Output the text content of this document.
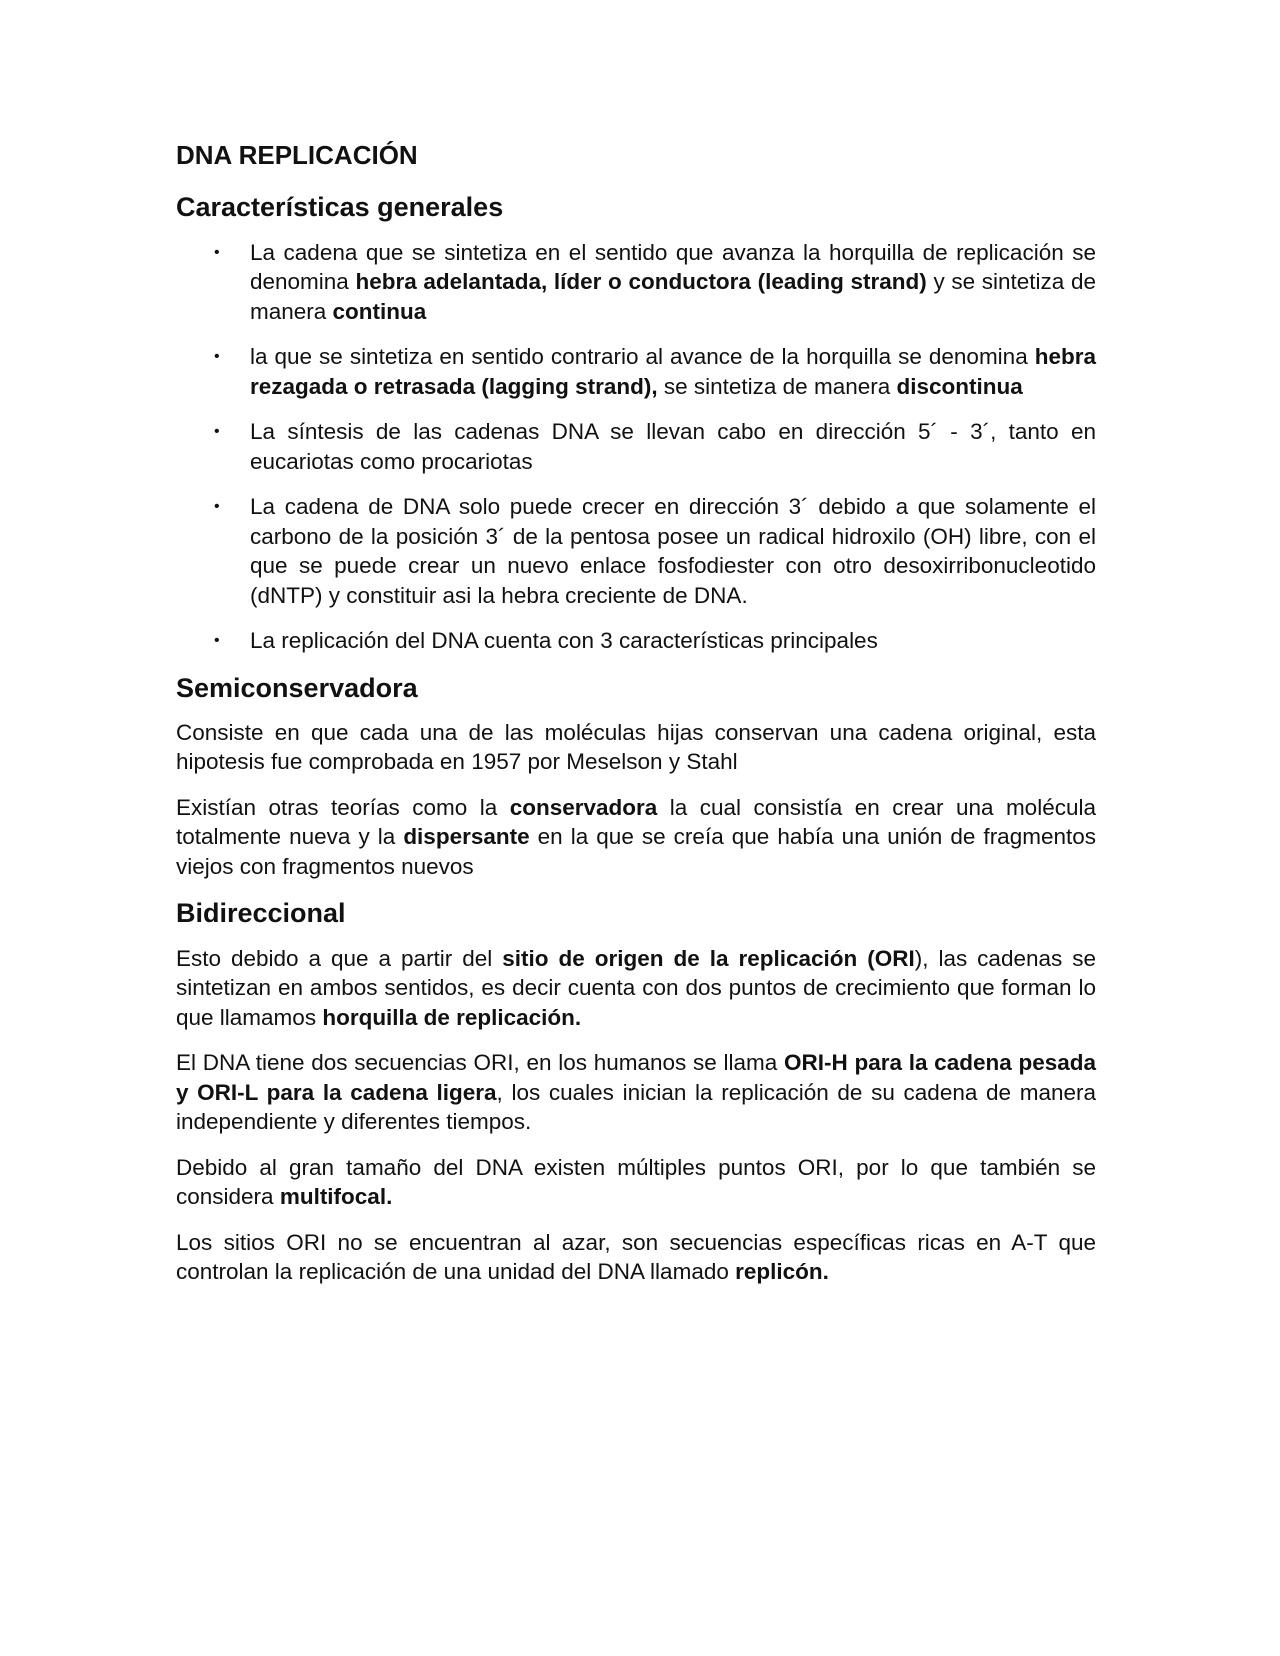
DNA REPLICACIÓN
Características generales
• La cadena que se sintetiza en el sentido que avanza la horquilla de replicación se denomina hebra adelantada, líder o conductora (leading strand) y se sintetiza de manera continua
• la que se sintetiza en sentido contrario al avance de la horquilla se denomina hebra rezagada o retrasada (lagging strand), se sintetiza de manera discontinua
• La síntesis de las cadenas DNA se llevan cabo en dirección 5´ - 3´, tanto en eucariotas como procariotas
• La cadena de DNA solo puede crecer en dirección 3´ debido a que solamente el carbono de la posición 3´ de la pentosa posee un radical hidroxilo (OH) libre, con el que se puede crear un nuevo enlace fosfodiester con otro desoxirribonucleotido (dNTP) y constituir asi la hebra creciente de DNA.
• La replicación del DNA cuenta con 3 características principales
Semiconservadora

Consiste en que cada una de las moléculas hijas conservan una cadena original, esta hipotesis fue comprobada en 1957 por Meselson y Stahl

Existían otras teorías como la conservadora la cual consistía en crear una molécula totalmente nueva y la dispersante en la que se creía que había una unión de fragmentos viejos con fragmentos nuevos

Bidireccional

Esto debido a que a partir del sitio de origen de la replicación (ORI), las cadenas se sintetizan en ambos sentidos, es decir cuenta con dos puntos de crecimiento que forman lo que llamamos horquilla de replicación.

El DNA tiene dos secuencias ORI, en los humanos se llama ORI-H para la cadena pesada y ORI-L para la cadena ligera, los cuales inician la replicación de su cadena de manera independiente y diferentes tiempos.

Debido al gran tamaño del DNA existen múltiples puntos ORI, por lo que también se considera multifocal.

Los sitios ORI no se encuentran al azar, son secuencias específicas ricas en A-T que controlan la replicación de una unidad del DNA llamado replicón.
